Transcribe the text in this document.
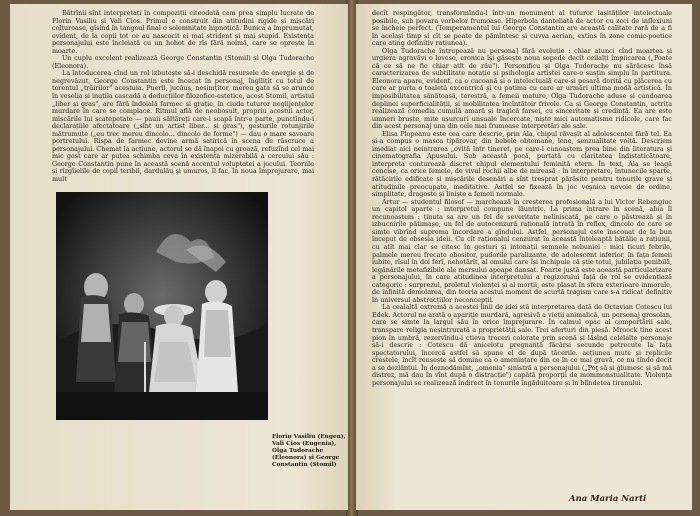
Bătrînii sînt interpretați în compoziții citeodată cam prea simplu lucrate de Florin Vasiliu și Vali Cios. Primul e construit din atitudini rigide și mișcări colțuroase, gîsind în tangoul final o solemnitate hipnotică. Bunica a împrumutat, evident, de la copii tot ce au nascocit ei mai strident și mai stupid. Existența personajului este încleiată cu un hohot de rîs fără noimă, care se oprește în moarte.

Un cuplu excelent realizează George Constantin (Stomil) și Olga Tudorache (Eleonora).

La întoducerea cînd un rol izbutește să-i deschidă resursele de energie și de negrevăzut, George Constantin este încecat în personaj, îngîlițit cu totul de torentul „trăirilor" acestuia. Puerll, jucăuș, nesimțitor, mereu gata să se arunce în veselia și inutila cascadă a deducțiilor filozofice-estetice, acest Stomil, artistul „liber și gras", are fără îndoială farmec și grație, în ciuda tuturor neglijențelor murdare în care se complace. Ritmul află de neobosuit, propriu acestui actor, mișcările lui scatepetate — pauii săltăreți care-i scapă într-o parte, punctîndu-i declarațiile afectatoare („sînt un artist liber... și gras"), gesturile rotunjirile mătrumute („eu trec mereu dincolo... dincolo de forme") — dau o mare savoare portretului. Rispa de farmec devine armă satirică în scena de răscruce a personajului. Chemat la acțiune, actorul se dă înapoi cu groază, refuzînd cel mai mic gest care ar putea schimba ceva în existența mizerabilă a cercului său : George Constantin pune în această scenă accentul voluptatei a jocului. Teoriile și rîzgîielile de copil teribil, dardulău și umuros, îl fac, în noua împrejurare, mai mult

Florin Vasiliu (Eugen), Vali Cios (Eugenia), Olga Tudorache (Eleonora) și George Constantin (Stomil)

decît respingător, transformîndu-l într-un monument al tuturor lașităților intelectuale posibile, sub povara vorbelor frumoase. Hiperbola danteliată de actor cu zeci de inflexiuni se încheie perfect. (Temperamentul lui George Constantin are această calitate rară de a fi în același timp și cît se poate de pămîntesc și cuvva aerian, extins în zone comic-poetice care ating definitiv rațiunea).

Olga Tudorache întrupează nu persona] fără evoluție : chiar atunci cînd moartea și urgiera agravăvi o lovese, cronica își găsește noua sopede decît ceilalți împiicarea („Poate că ce să ne fie chiar atît de rău"). Personificu și Olga Tudorache nu sărăcesc însă caracterizarea de subtilitate notație și psihologia artistei care-o susțin simplu în partitura. Eleonora apare, evident, ca o cucoană și o intelectuală care-și pesară dorită cu plăcerea cu care ar purta o toaletă excentrică și cu patima cu care ar urmări ultima modă artistică. În imposibilitatea sănătoasă, terestră, a femeii mature, Olga Tudorache aduse și candoarea deplinei superficialității, și mobilitatea încîntătoir frivole. Ca și George Constantin, actrița realizează comedia cumulă amară și tragică farsei, cu sinceritate și credință. Ea are este umneri bruște, mite ușurcuri unsuale încercate, niște mici automatisme ridicole, care fac din acest personaj una din cele mai frumoase interpretări ale sale.

Elisa Plopeanu este cea care descrie, prin Ala, chipul răvașit al adolescenței fără tel. Ea și-a compus o masca tipărovar, din bebele obtomane, lene, senzualitate voită. Descriem imediat aici neintrarea „ovită într tineret, pe care-l cunoaștem prea bine din literatura și cinematografia Apusului. Sub această pocă, purtată cu claritatea Indistaticătoare, interpreta conturează discret chipul elementului feminită etern. În text, Ala se leagă concise, ca orice femeie, de vivul rochii albe de mireasă : în interpretare, întunecile sparte, rătăcirile edificate și mișcările desenări a sînt tresprat părăsite pentru tonurile grave și atitudinile preocupate, meditative. Astfel se fixează în joc veșnica nevoie de ordine, simplitate, dragoste și liniște a femeii normale.

Artur — studentul filosof — marchează în cresterea profesională a lui Victor Rebengiuc un capitol aparte : interpretul compune lăuntric. La prima intrare în scenă, abia îl recunoaștem : ținuta sa are un fel de severitate neliniscată, pe care o păstrează și în izbucnirile pătimașe, un fel de autocenzură rațională intrată în reflex, dincolo de care se simte vibrînd suprema încordare a gîndului. Astfel, personajul este înscouat de la bun început de obsesia ideii. Cu cît raționalul cenzurat în această înțeleaptă bătălie a rațiunii, cu atît mai clar se citesc în gesturi și intonații semnele nebuniei : mici ticuri febrile, palmele mereu frecate obositor, pudorile paralizante, de adolescent inferior, în fața femeii iubite, rîsul în doi ferî, nehotărît, al omului care își închipuie că știe totul, jubilația penibilă, legănările metafizibile ale mersului apoape dansat. Foarte justă este această particularizare a personajului, în care atitudinea interpretului a regizorului față de rol se evidențiază categoric : surprezul, proletul violenței și al morții, este plasat în sfera exterioare inmorale, de infinită demolarea, din teoria acestui moment de scurtă tragism care s-a ridicat definitiv în universul abstracțiilor neconcepții.

La cealaltă extremă a acestei linii de idei stă interpretarea dată de Octavian Cotescu lui Edek. Actorul ne arată o apariție murdară, agresivă a vieții animalică, un personaj grosolan, care se simte la largul său în orice împrejurare. În calmul opac al comportării sale, transpare religia neșintrurată a proprietății sale. Trei aferturi din piesă. Mroock tine acest pion în umbră, rezervîndu-i ctieva treceri colorate prin scenă și lăsînd celelalte personaje să-i descrie : Cotescu dă anicelotu pregnanță făcărsi secunde petrecute la fața spectatorului, încercă astfel să spune el de după tăcerile. acțiunea mute și replicile crestele, încît reușește să domine ca o amenințare din ce în ce mai gravă, ce nu tînde decît a se dezlănțui. În deznodămînt, „omenia" sinistră a personajului („Poţ să și glumesc și să mă distrez, mă dau în vînt după o distracție") capătă proporţii de mommonstualitate. Violența personajului se realizează indirect în tonurile îngăduitoare și în blîndetea tiranului.

Ana Maria Narti
